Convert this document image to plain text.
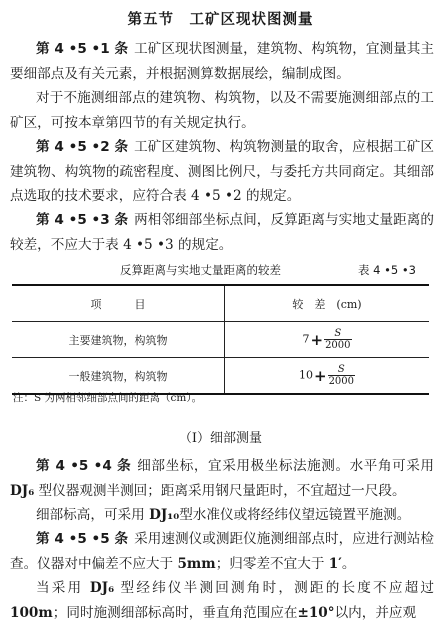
第五节　工矿区现状图测量

第 4 •5 •1 条 工矿区现状图测量，建筑物、构筑物，宜测量其主要细部点及有关元素，并根据测算数据展绘，编制成图。

对于不施测细部点的建筑物、构筑物，以及不需要施测细部点的工矿区，可按本章第四节的有关规定执行。

第 4 •5 •2 条 工矿区建筑物、构筑物测量的取舍，应根据工矿区建筑物、构筑物的疏密程度、测图比例尺，与委托方共同商定。其细部点选取的技术要求，应符合表 4 •5 •2 的规定。

第 4 •5 •3 条 两相邻细部坐标点间，反算距离与实地丈量距离的较差，不应大于表 4 •5 •3 的规定。

反算距离与实地丈量距离的较差	表 4 •5 •3
项　　　目	较　差　(cm)
主要建筑物，构筑物	$7+ \frac{S}{2000}$

一般建筑物，构筑物	$10+ \frac{S}{2000}$
注：S 为两相邻细部点间的距离（cm）。
（Ⅰ）细部测量

第 4 •5 •4 条 细部坐标，宜采用极坐标法施测。水平角可采用 DJ₆ 型仪器观测半测回；距离采用钢尺量距时，不宜超过一尺段。

细部标高，可采用 DJ₁₀型水准仪或将经纬仪望远镜置平施测。

第 4 •5 •5 条 采用速测仪或测距仪施测细部点时，应进行测站检查。仪器对中偏差不应大于 5mm；归零差不宜大于 1′。

当采用 DJ₆ 型经纬仪半测回测角时，测距的长度不应超过 100m；同时施测细部标高时，垂直角范围应在±10°以内，并应观
